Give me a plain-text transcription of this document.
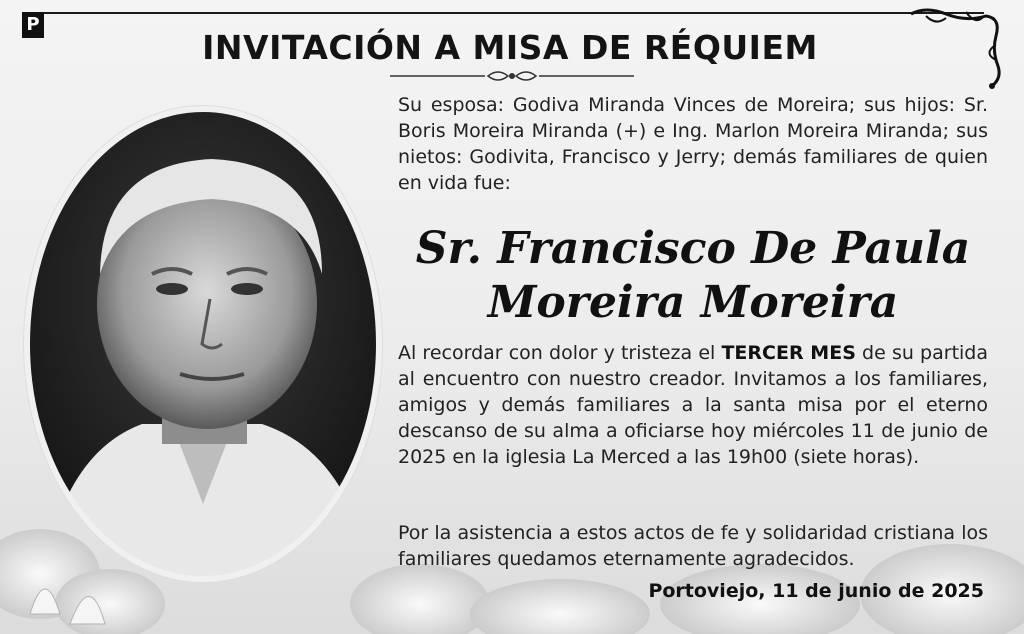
P
INVITACIÓN A MISA DE RÉQUIEM
Su esposa: Godiva Miranda Vinces de Moreira; sus hijos: Sr. Boris Moreira Miranda (+) e Ing. Marlon Moreira Miranda; sus nietos: Godivita, Francisco y Jerry; demás familiares de quien en vida fue:
Sr. Francisco De Paula
Moreira Moreira
Al recordar con dolor y tristeza el TERCER MES de su partida al encuentro con nuestro creador. Invitamos a los familiares, amigos y demás familiares a la santa misa por el eterno descanso de su alma a oficiarse hoy miércoles 11 de junio de 2025 en la iglesia La Merced a las 19h00 (siete horas).
Por la asistencia a estos actos de fe y solidaridad cristiana los familiares quedamos eternamente agradecidos.
Portoviejo, 11 de junio de 2025
